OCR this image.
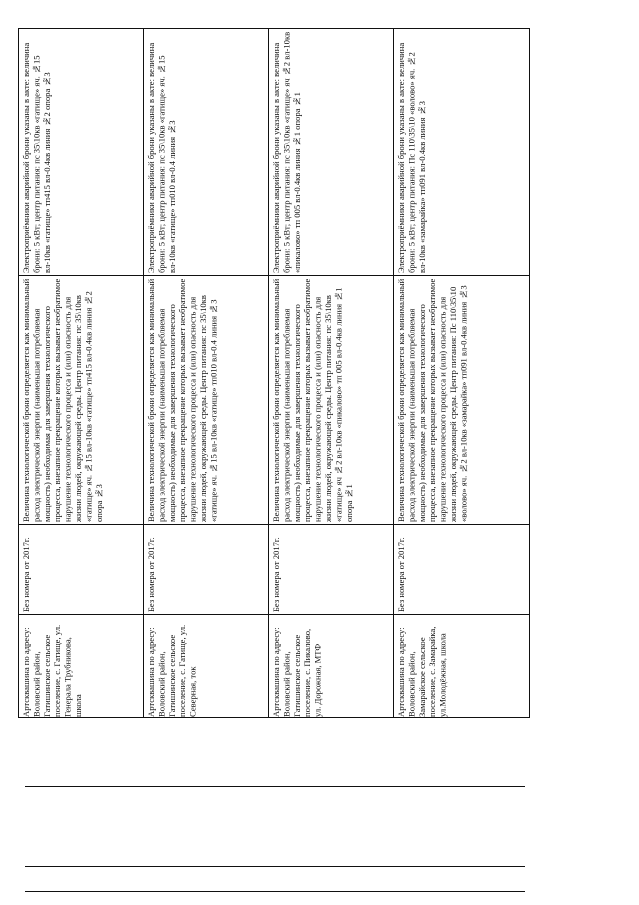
Электроприёмники аварийной брони указаны в акте: величина брони: 5 кВт; центр питания: пс 35\10кв «гатище» яч. №15 вл-10кв «гатище» тп415 вл-0.4кв линия №2 опора №3
Величина технологической брони определяется как минимальный расход электрической энергии (наименьшая потребляемая мощность) необходимая для завершения технологического процесса, внезапное прекращение которых вызывает необратимое нарушение технологического процесса и (или) опасность для жизни людей, окружающей среды. Центр питания: пс 35\10кв «гатище» яч. №15 вл-10кв «гатище» тп415 вл-0.4кв линия №2 опора №3
Без номера от 2017г.
Артсквашина по адресу: Воловский район, Гатишинское сельское поселение, с. Гатище, ул. Генерала Трубникова, школа
Электроприёмники аварийной брони указаны в акте: величина брони: 5 кВт; центр питания: пс 35\10кв «гатище» яч. №15 вл-10кв «гатище» тп010 вл-0.4 линия №3
Величина технологической брони определяется как минимальный расход электрической энергии (наименьшая потребляемая мощность) необходимые для завершения технологического процесса, внезапное прекращение которых вызывает необратимое нарушение технологического процесса и (или) опасность для жизни людей, окружающей среды. Центр питания: пс 35\10кв «гатище» яч. №15 вл-10кв «гатище» тп010 вл-0.4 линия №3
Без номера от 2017г.
Артсквашина по адресу: Воловский район, Гатишинское сельское поселение, с. Гатище, ул. Северная, ток
Электроприёмники аварийной брони указаны в акте: величина брони: 5 кВт; центр питания: пс 35\10кв «гатище» яч №2 вл-10кв «пикалово» тп 005 вл-0.4кв линия №1 опора №1
Величина технологической брони определяется как минимальный расход электрической энергии (наименьшая потребляемая мощность) необходимые для завершения технологического процесса, внезапное прекращение которых вызывает необратимое нарушение технологического процесса и (или) опасность для жизни людей, окружающей среды. Центр питания: пс 35\10кв «гатище» яч №2 вл-10кв «пикалово» тп 005 вл-0.4кв линия №1 опора №1
Без номера от 2017г.
Артсквашина по адресу: Воловский район, Гатишинское сельское поселение, с. Пикалово, ул. Дорожная, МТФ
Электроприёмники аварийной брони указаны в акте: величина брони: 5 кВт; центр питания: Пс 110\35\10 «волово» яч. №2 вл-10кв «замарайка» тп091 вл-0.4кв линия №3
Величина технологической брони определяется как минимальный расход электрической энергии (наименьшая потребляемая мощность) необходимые для завершения технологического процесса, внезапное прекращение которых вызывает необратимое нарушение технологического процесса и (или) опасность для жизни людей, окружающей среды. Центр питания: Пс 110\35\10 «волово» яч. №2 вл-10кв «замарайка» тп091 вл-0.4кв линия №3
Без номера от 2017г.
Артсквашина по адресу: Воловский район, Замарайское сельское поселение, с. Замарайка, ул.Молодёжная, школа
